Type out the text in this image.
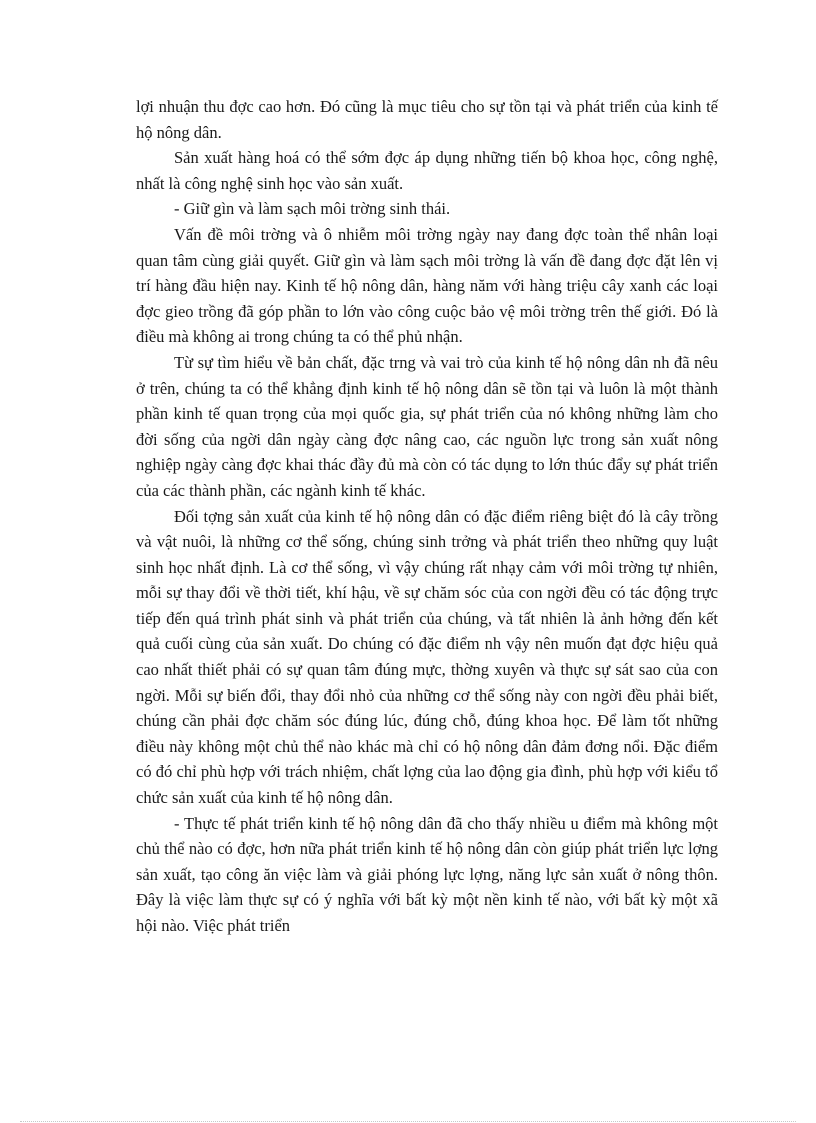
lợi nhuận thu đợc cao hơn. Đó cũng là mục tiêu cho sự tồn tại và phát triển của kinh tế hộ nông dân.

Sản xuất hàng hoá có thể sớm đợc áp dụng những tiến bộ khoa học, công nghệ, nhất là công nghệ sinh học vào sản xuất.

- Giữ gìn và làm sạch môi trờng sinh thái.

Vấn đề môi trờng và ô nhiễm môi trờng ngày nay đang đợc toàn thể nhân loại quan tâm cùng giải quyết. Giữ gìn và làm sạch môi trờng là vấn đề đang đợc đặt lên vị trí hàng đầu hiện nay. Kinh tế hộ nông dân, hàng năm với hàng triệu cây xanh các loại đợc gieo trồng đã góp phần to lớn vào công cuộc bảo vệ môi trờng trên thế giới. Đó là điều mà không ai trong chúng ta có thể phủ nhận.

Từ sự tìm hiểu về bản chất, đặc trng và vai trò của kinh tế hộ nông dân nh đã nêu ở trên, chúng ta có thể khẳng định kinh tế hộ nông dân sẽ tồn tại và luôn là một thành phần kinh tế quan trọng của mọi quốc gia, sự phát triển của nó không những làm cho đời sống của ngời dân ngày càng đợc nâng cao, các nguồn lực trong sản xuất nông nghiệp ngày càng đợc khai thác đầy đủ mà còn có tác dụng to lớn thúc đẩy sự phát triển của các thành phần, các ngành kinh tế khác.

Đối tợng sản xuất của kinh tế hộ nông dân có đặc điểm riêng biệt đó là cây trồng và vật nuôi, là những cơ thể sống, chúng sinh trởng và phát triển theo những quy luật sinh học nhất định. Là cơ thể sống, vì vậy chúng rất nhạy cảm với môi trờng tự nhiên, mỗi sự thay đổi về thời tiết, khí hậu, về sự chăm sóc của con ngời đều có tác động trực tiếp đến quá trình phát sinh và phát triển của chúng, và tất nhiên là ảnh hởng đến kết quả cuối cùng của sản xuất. Do chúng có đặc điểm nh vậy nên muốn đạt đợc hiệu quả cao nhất thiết phải có sự quan tâm đúng mực, thờng xuyên và thực sự sát sao của con ngời. Mỗi sự biến đổi, thay đổi nhỏ của những cơ thể sống này con ngời đều phải biết, chúng cần phải đợc chăm sóc đúng lúc, đúng chỗ, đúng khoa học. Để làm tốt những điều này không một chủ thể nào khác mà chỉ có hộ nông dân đảm đơng nổi. Đặc điểm có đó chỉ phù hợp với trách nhiệm, chất lợng của lao động gia đình, phù hợp với kiểu tổ chức sản xuất của kinh tế hộ nông dân.

- Thực tế phát triển kinh tế hộ nông dân đã cho thấy nhiều u điểm mà không một chủ thể nào có đợc, hơn nữa phát triển kinh tế hộ nông dân còn giúp phát triển lực lợng sản xuất, tạo công ăn việc làm và giải phóng lực lợng, năng lực sản xuất ở nông thôn. Đây là việc làm thực sự có ý nghĩa với bất kỳ một nền kinh tế nào, với bất kỳ một xã hội nào. Việc phát triển
